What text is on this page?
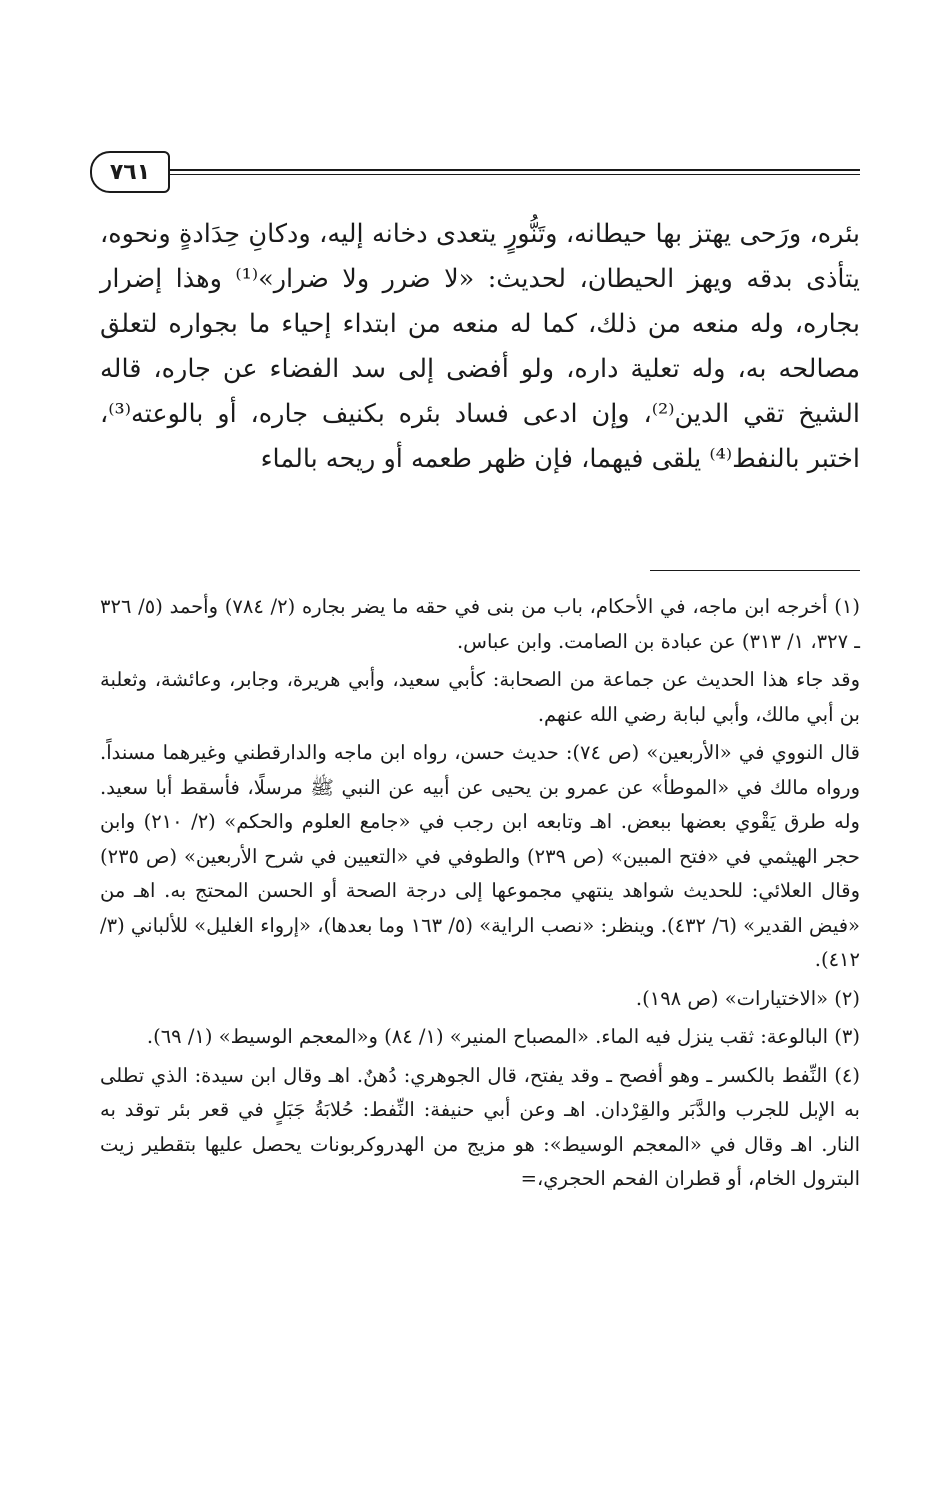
٧٦١

بئره، ورَحى يهتز بها حيطانه، وتَنُّورٍ يتعدى دخانه إليه، ودكانِ حِدَادةٍ ونحوه، يتأذى بدقه ويهز الحيطان، لحديث: «لا ضرر ولا ضرار»⁽¹⁾ وهذا إضرار بجاره، وله منعه من ذلك، كما له منعه من ابتداء إحياء ما بجواره لتعلق مصالحه به، وله تعلية داره، ولو أفضى إلى سد الفضاء عن جاره، قاله الشيخ تقي الدين⁽²⁾، وإن ادعى فساد بئره بكنيف جاره، أو بالوعته⁽³⁾، اختبر بالنفط⁽⁴⁾ يلقى فيهما، فإن ظهر طعمه أو ريحه بالماء

(١) أخرجه ابن ماجه، في الأحكام، باب من بنى في حقه ما يضر بجاره (٢/ ٧٨٤) وأحمد (٥/ ٣٢٦ ـ ٣٢٧، ١/ ٣١٣) عن عبادة بن الصامت. وابن عباس.

وقد جاء هذا الحديث عن جماعة من الصحابة: كأبي سعيد، وأبي هريرة، وجابر، وعائشة، وثعلبة بن أبي مالك، وأبي لبابة رضي الله عنهم.

قال النووي في «الأربعين» (ص ٧٤): حديث حسن، رواه ابن ماجه والدارقطني وغيرهما مسنداً. ورواه مالك في «الموطأ» عن عمرو بن يحيى عن أبيه عن النبي ﷺ مرسلًا، فأسقط أبا سعيد. وله طرق يَقْوي بعضها ببعض. اهـ وتابعه ابن رجب في «جامع العلوم والحكم» (٢/ ٢١٠) وابن حجر الهيثمي في «فتح المبين» (ص ٢٣٩) والطوفي في «التعيين في شرح الأربعين» (ص ٢٣٥) وقال العلائي: للحديث شواهد ينتهي مجموعها إلى درجة الصحة أو الحسن المحتج به. اهـ من «فيض القدير» (٦/ ٤٣٢). وينظر: «نصب الراية» (٥/ ١٦٣ وما بعدها)، «إرواء الغليل» للألباني (٣/ ٤١٢).

(٢) «الاختيارات» (ص ١٩٨).

(٣) البالوعة: ثقب ينزل فيه الماء. «المصباح المنير» (١/ ٨٤) و«المعجم الوسيط» (١/ ٦٩).

(٤) النِّفط بالكسر ـ وهو أفصح ـ وقد يفتح، قال الجوهري: دُهنٌ. اهـ وقال ابن سيدة: الذي تطلى به الإبل للجرب والدَّبَر والقِرْدان. اهـ وعن أبي حنيفة: النِّفط: حُلابَةُ جَبَلٍ في قعر بئر توقد به النار. اهـ وقال في «المعجم الوسيط»: هو مزيج من الهدروكربونات يحصل عليها بتقطير زيت البترول الخام، أو قطران الفحم الحجري،=
